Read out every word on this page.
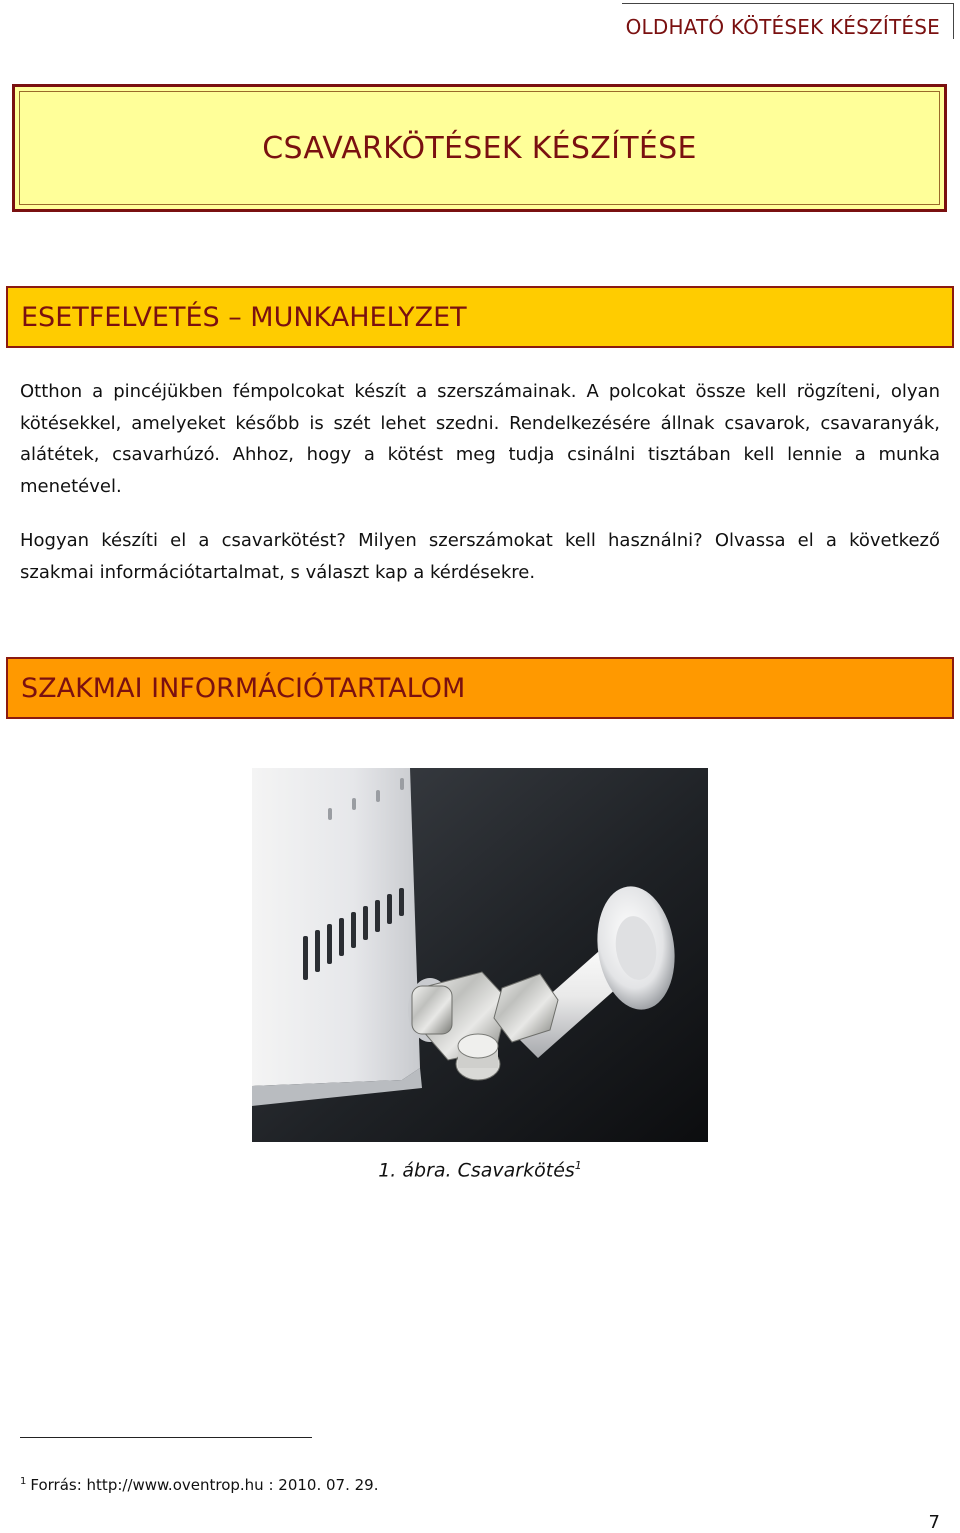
OLDHATÓ KÖTÉSEK KÉSZÍTÉSE
CSAVARKÖTÉSEK KÉSZÍTÉSE
ESETFELVETÉS – MUNKAHELYZET
Otthon a pincéjükben fémpolcokat készít a szerszámainak. A polcokat össze kell rögzíteni, olyan kötésekkel, amelyeket később is szét lehet szedni. Rendelkezésére állnak csavarok, csavaranyák, alátétek, csavarhúzó. Ahhoz, hogy a kötést meg tudja csinálni tisztában kell lennie a munka menetével.
Hogyan készíti el a csavarkötést? Milyen szerszámokat kell használni? Olvassa el a következő szakmai információtartalmat, s választ kap a kérdésekre.
SZAKMAI INFORMÁCIÓTARTALOM
1. ábra. Csavarkötés$^1$
$^1$ Forrás: http://www.oventrop.hu : 2010. 07. 29.
7
